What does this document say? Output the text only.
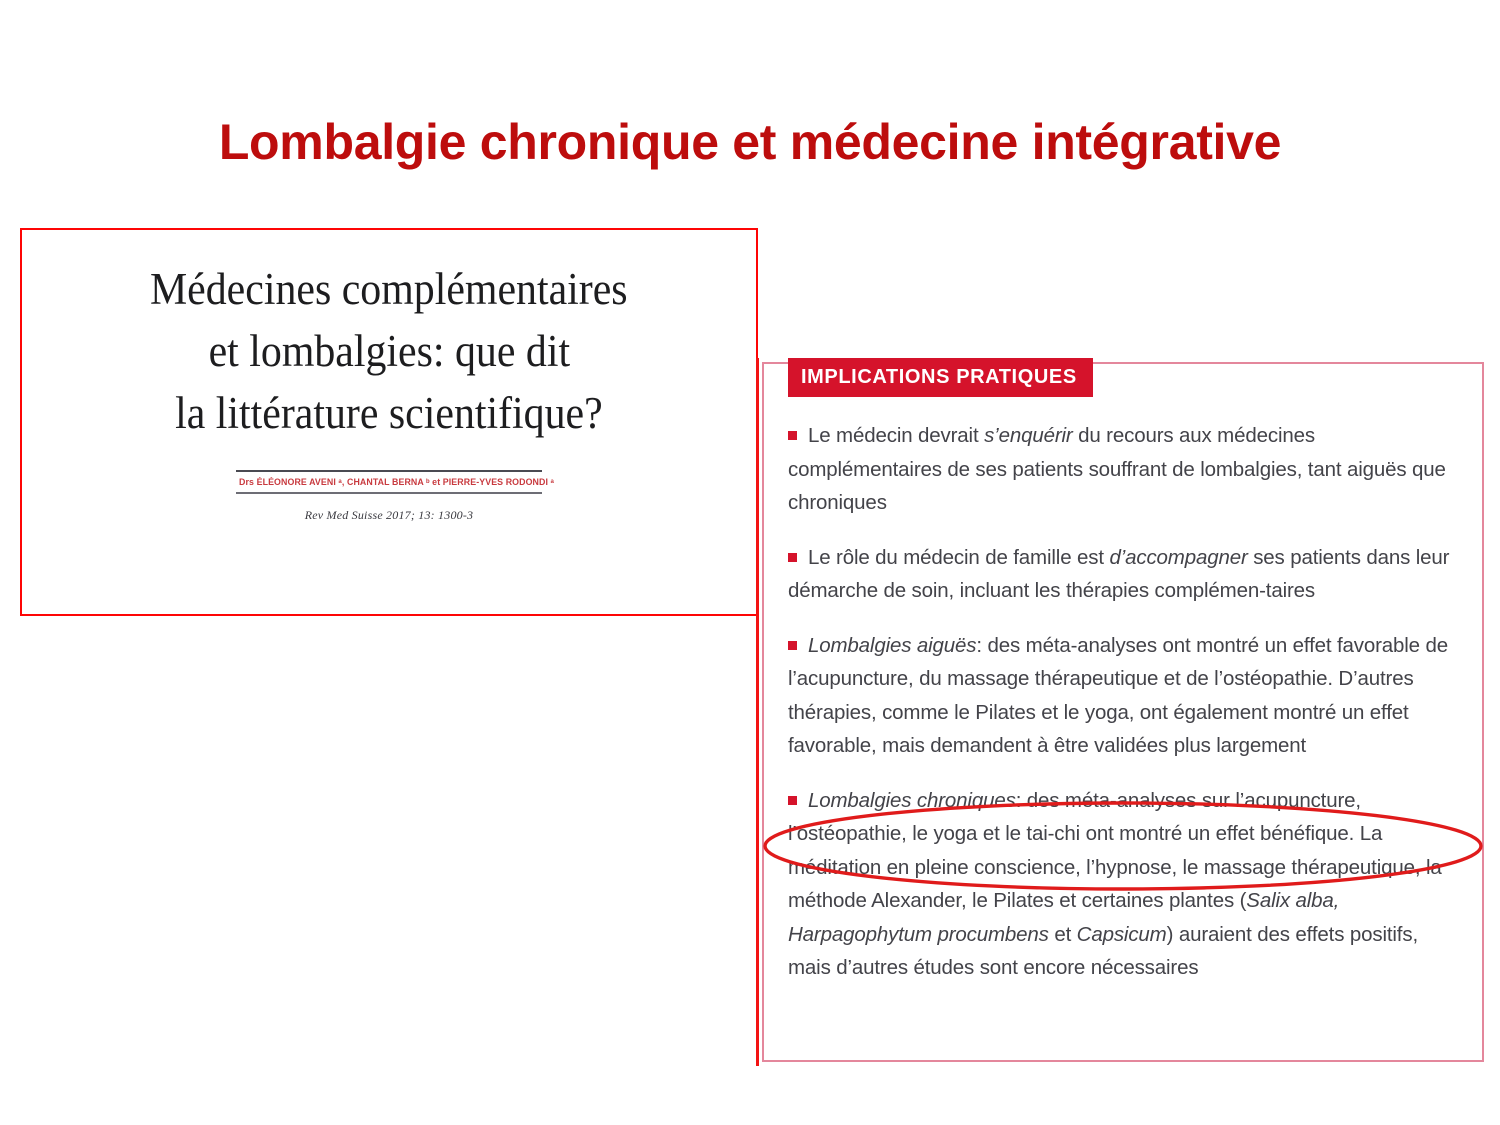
Lombalgie chronique et médecine intégrative
Médecines complémentaires
et lombalgies: que dit
la littérature scientifique?
Drs ÉLÉONORE AVENI ᵃ, CHANTAL BERNA ᵇ et PIERRE-YVES RODONDI ᵃ
Rev Med Suisse 2017; 13: 1300-3
IMPLICATIONS PRATIQUES
Le médecin devrait s’enquérir du recours aux médecines complémentaires de ses patients souffrant de lombalgies, tant aiguës que chroniques
Le rôle du médecin de famille est d’accompagner ses patients dans leur démarche de soin, incluant les thérapies complémen-taires
Lombalgies aiguës: des méta-analyses ont montré un effet favorable de l’acupuncture, du massage thérapeutique et de l’ostéopathie. D’autres thérapies, comme le Pilates et le yoga, ont également montré un effet favorable, mais demandent à être validées plus largement
Lombalgies chroniques: des méta-analyses sur l’acupuncture, l’ostéopathie, le yoga et le tai-chi ont montré un effet bénéfique. La méditation en pleine conscience, l’hypnose, le massage thérapeutique, la méthode Alexander, le Pilates et certaines plantes (Salix alba, Harpagophytum procumbens et Capsicum) auraient des effets positifs, mais d’autres études sont encore nécessaires
